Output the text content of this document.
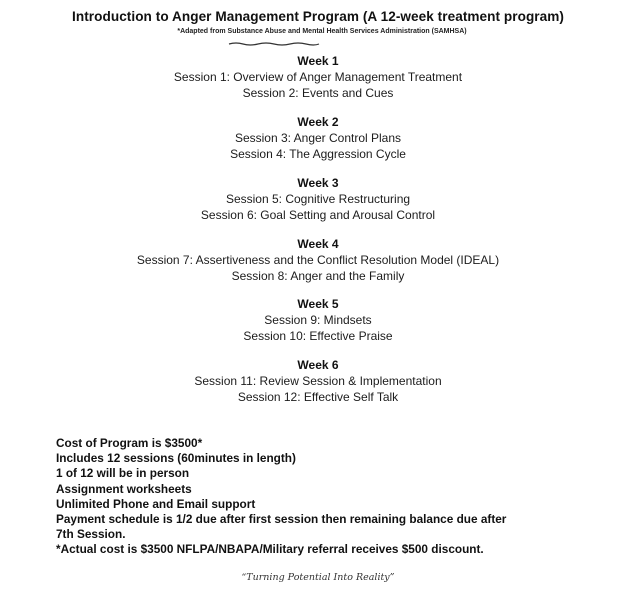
Introduction to Anger Management Program (A 12-week treatment program)
*Adapted from Substance Abuse and Mental Health Services Administration (SAMHSA)
Week 1
Session 1: Overview of Anger Management Treatment
Session 2: Events and Cues
Week 2
Session 3: Anger Control Plans
Session 4: The Aggression Cycle
Week 3
Session 5: Cognitive Restructuring
Session 6: Goal Setting and Arousal Control
Week 4
Session 7: Assertiveness and the Conflict Resolution Model (IDEAL)
Session 8: Anger and the Family
Week 5
Session 9: Mindsets
Session 10: Effective Praise
Week 6
Session 11: Review Session & Implementation
Session 12: Effective Self Talk
Cost of Program is $3500*
Includes 12 sessions (60minutes in length)
1 of 12 will be in person
Assignment worksheets
Unlimited Phone and Email support
Payment schedule is 1/2 due after first session then remaining balance due after
7th Session.
*Actual cost is $3500 NFLPA/NBAPA/Military referral receives $500 discount.
“Turning Potential Into Reality”
